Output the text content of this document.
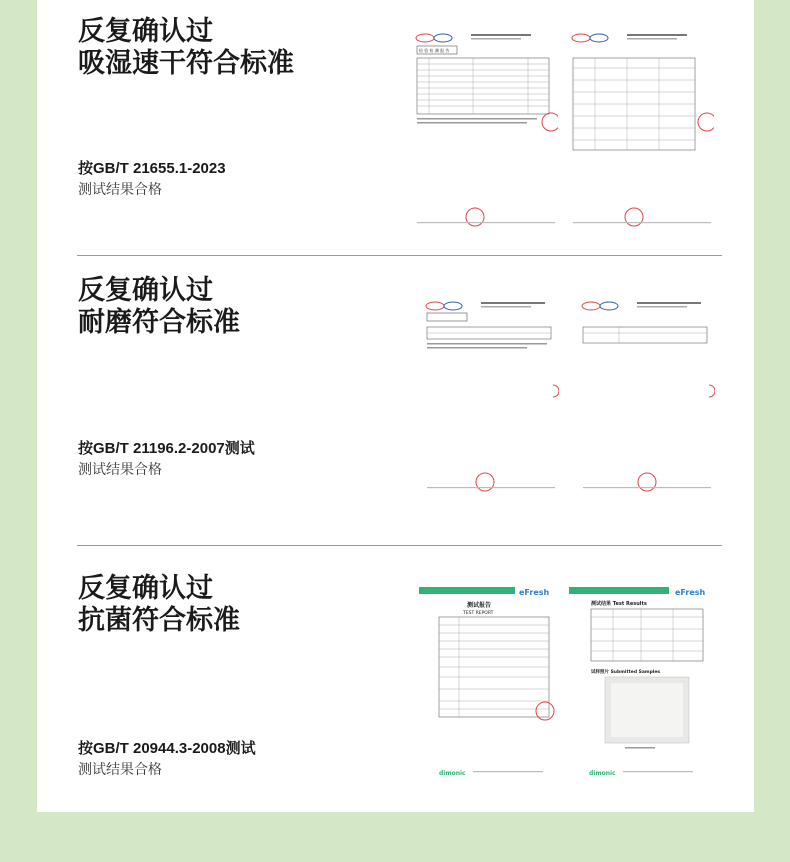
反复确认过
吸湿速干符合标准
按GB/T 21655.1-2023
测试结果合格
检 验 检 测 报 告
反复确认过
耐磨符合标准
按GB/T 21196.2-2007测试
测试结果合格
反复确认过
抗菌符合标准
按GB/T 20944.3-2008测试
测试结果合格
eFresh
测试报告
TEST REPORT
dimonic
eFresh
测试结果 Test Results
试样照片 Submitted Samples
dimonic
